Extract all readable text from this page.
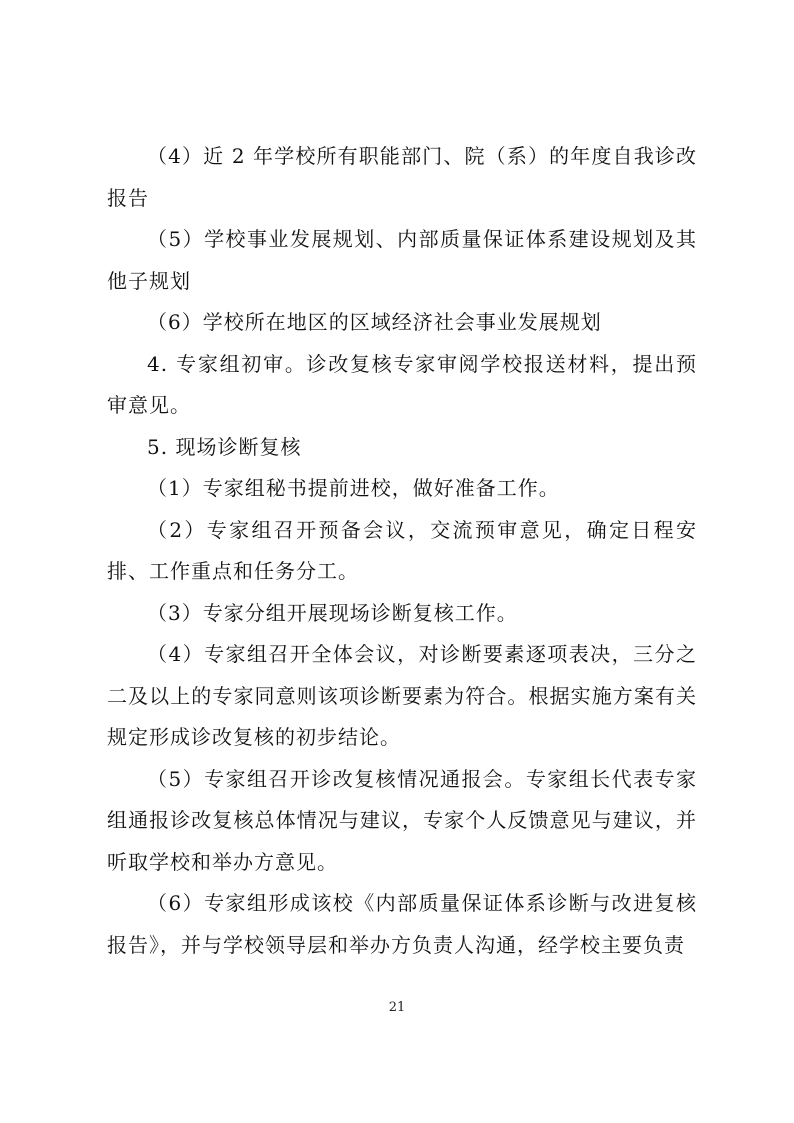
（4）近 2 年学校所有职能部门、院（系）的年度自我诊改报告

（5）学校事业发展规划、内部质量保证体系建设规划及其他子规划

（6）学校所在地区的区域经济社会事业发展规划

4. 专家组初审。诊改复核专家审阅学校报送材料，提出预审意见。

5. 现场诊断复核

（1）专家组秘书提前进校，做好准备工作。

（2）专家组召开预备会议，交流预审意见，确定日程安排、工作重点和任务分工。

（3）专家分组开展现场诊断复核工作。

（4）专家组召开全体会议，对诊断要素逐项表决，三分之二及以上的专家同意则该项诊断要素为符合。根据实施方案有关规定形成诊改复核的初步结论。

（5）专家组召开诊改复核情况通报会。专家组长代表专家组通报诊改复核总体情况与建议，专家个人反馈意见与建议，并听取学校和举办方意见。

（6）专家组形成该校《内部质量保证体系诊断与改进复核报告》，并与学校领导层和举办方负责人沟通，经学校主要负责

21
